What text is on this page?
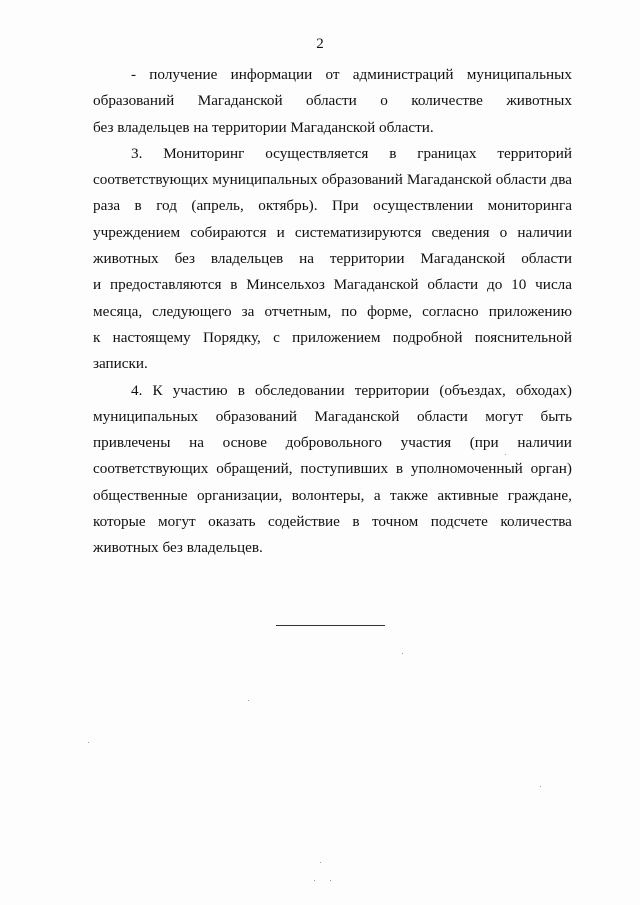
2
- получение информации от администраций муниципальных
образований Магаданской области о количестве животных
без владельцев на территории Магаданской области.
3. Мониторинг осуществляется в границах территорий
соответствующих муниципальных образований Магаданской области два
раза в год (апрель, октябрь). При осуществлении мониторинга
учреждением собираются и систематизируются сведения о наличии
животных без владельцев на территории Магаданской области
и предоставляются в Минсельхоз Магаданской области до 10 числа
месяца, следующего за отчетным, по форме, согласно приложению
к настоящему Порядку, с приложением подробной пояснительной
записки.
4. К участию в обследовании территории (объездах, обходах)
муниципальных образований Магаданской области могут быть
привлечены на основе добровольного участия (при наличии
соответствующих обращений, поступивших в уполномоченный орган)
общественные организации, волонтеры, а также активные граждане,
которые могут оказать содействие в точном подсчете количества
животных без владельцев.
